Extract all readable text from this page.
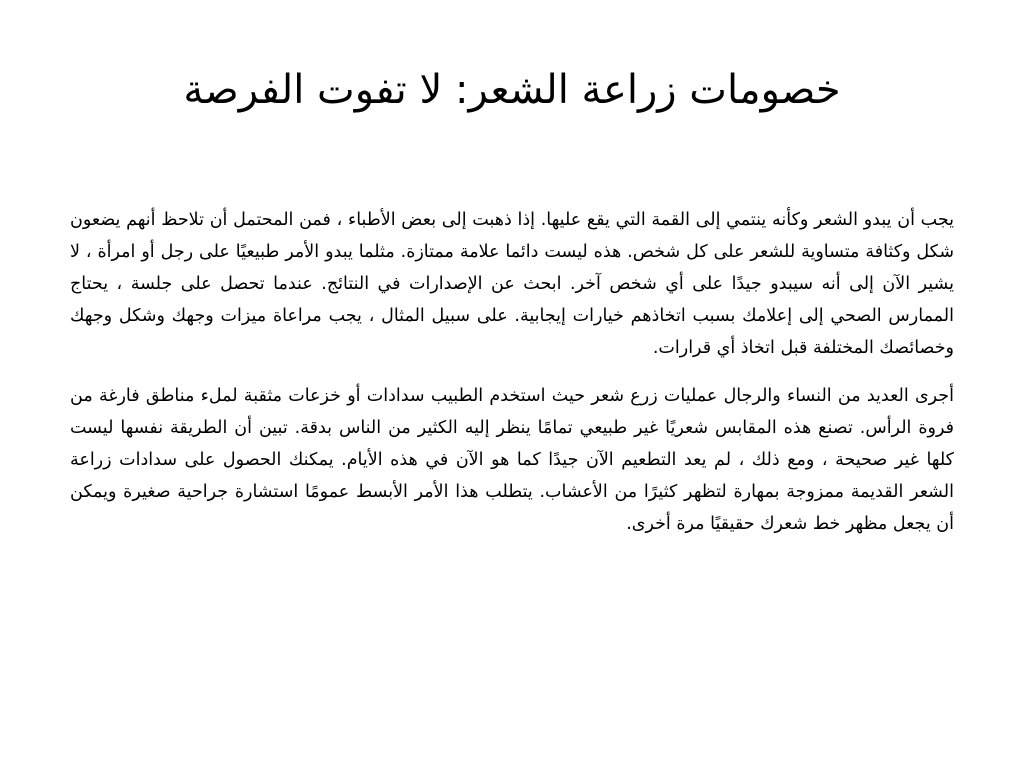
خصومات زراعة الشعر: لا تفوت الفرصة

يجب أن يبدو الشعر وكأنه ينتمي إلى القمة التي يقع عليها. إذا ذهبت إلى بعض الأطباء ، فمن المحتمل أن تلاحظ أنهم يضعون شكل وكثافة متساوية للشعر على كل شخص. هذه ليست دائما علامة ممتازة. مثلما يبدو الأمر طبيعيًا على رجل أو امرأة ، لا يشير الآن إلى أنه سيبدو جيدًا على أي شخص آخر. ابحث عن الإصدارات في النتائج. عندما تحصل على جلسة ، يحتاج الممارس الصحي إلى إعلامك بسبب اتخاذهم خيارات إيجابية. على سبيل المثال ، يجب مراعاة ميزات وجهك وشكل وجهك وخصائصك المختلفة قبل اتخاذ أي قرارات.

أجرى العديد من النساء والرجال عمليات زرع شعر حيث استخدم الطبيب سدادات أو خزعات مثقبة لملء مناطق فارغة من فروة الرأس. تصنع هذه المقابس شعريًا غير طبيعي تمامًا ينظر إليه الكثير من الناس بدقة. تبين أن الطريقة نفسها ليست كلها غير صحيحة ، ومع ذلك ، لم يعد التطعيم الآن جيدًا كما هو الآن في هذه الأيام. يمكنك الحصول على سدادات زراعة الشعر القديمة ممزوجة بمهارة لتظهر كثيرًا من الأعشاب. يتطلب هذا الأمر الأبسط عمومًا استشارة جراحية صغيرة ويمكن أن يجعل مظهر خط شعرك حقيقيًا مرة أخرى.
